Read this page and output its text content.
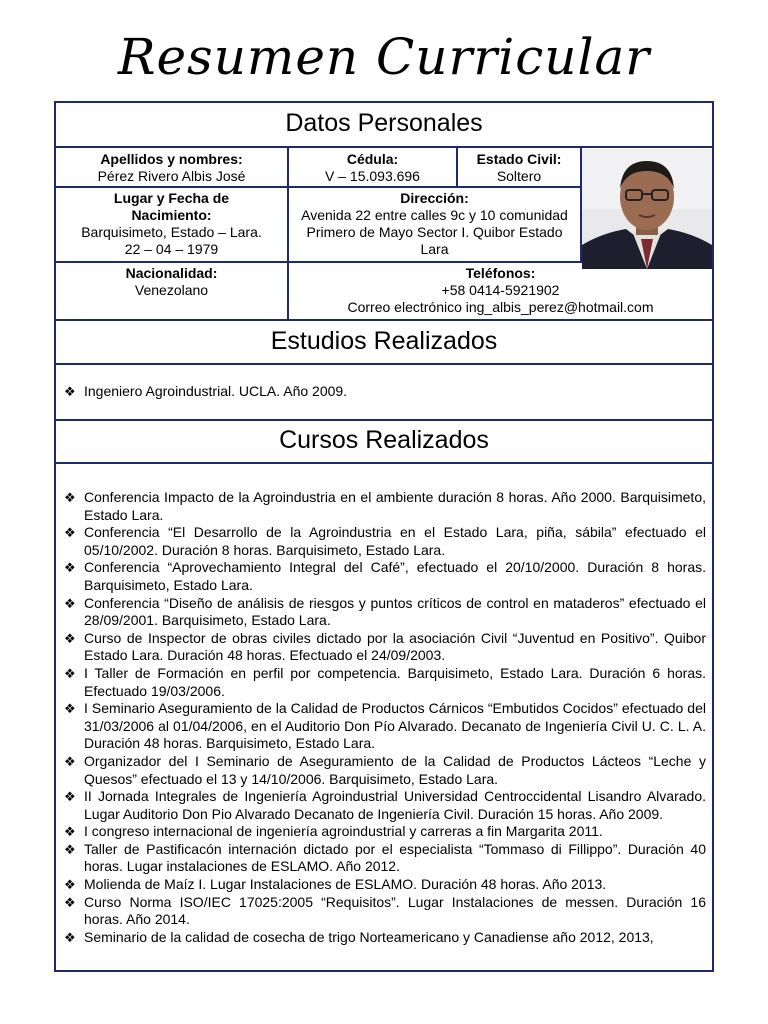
Resumen Curricular
Datos Personales
Apellidos y nombres:
Pérez Rivero Albis José
Cédula:
V – 15.093.696
Estado Civil:
Soltero
Lugar y Fecha de Nacimiento:
Barquisimeto, Estado – Lara.
22 – 04 – 1979
Dirección:
Avenida 22 entre calles 9c y 10 comunidad Primero de Mayo Sector I. Quibor Estado Lara
Nacionalidad:
Venezolano
Teléfonos:
+58 0414-5921902
Correo electrónico ing_albis_perez@hotmail.com
Estudios Realizados
❖ Ingeniero Agroindustrial. UCLA. Año 2009.
Cursos Realizados
❖ Conferencia Impacto de la Agroindustria en el ambiente duración 8 horas. Año 2000. Barquisimeto, Estado Lara.
❖ Conferencia “El Desarrollo de la Agroindustria en el Estado Lara, piña, sábila” efectuado el 05/10/2002. Duración 8 horas. Barquisimeto, Estado Lara.
❖ Conferencia “Aprovechamiento Integral del Café”, efectuado el 20/10/2000. Duración 8 horas. Barquisimeto, Estado Lara.
❖ Conferencia “Diseño de análisis de riesgos y puntos críticos de control en mataderos” efectuado el 28/09/2001. Barquisimeto, Estado Lara.
❖ Curso de Inspector de obras civiles dictado por la asociación Civil “Juventud en Positivo”. Quibor Estado Lara. Duración 48 horas. Efectuado el 24/09/2003.
❖ I Taller de Formación en perfil por competencia. Barquisimeto, Estado Lara. Duración 6 horas. Efectuado 19/03/2006.
❖ I Seminario Aseguramiento de la Calidad de Productos Cárnicos “Embutidos Cocidos” efectuado del 31/03/2006 al 01/04/2006, en el Auditorio Don Pío Alvarado. Decanato de Ingeniería Civil U. C. L. A. Duración 48 horas. Barquisimeto, Estado Lara.
❖ Organizador del I Seminario de Aseguramiento de la Calidad de Productos Lácteos “Leche y Quesos” efectuado el 13 y 14/10/2006. Barquisimeto, Estado Lara.
❖ II Jornada Integrales de Ingeniería Agroindustrial Universidad Centroccidental Lisandro Alvarado. Lugar Auditorio Don Pio Alvarado Decanato de Ingeniería Civil. Duración 15 horas. Año 2009.
❖ I congreso internacional de ingeniería agroindustrial y carreras a fin Margarita 2011.
❖ Taller de Pastificacón internación dictado por el especialista “Tommaso di Fillippo”. Duración 40 horas. Lugar instalaciones de ESLAMO. Año 2012.
❖ Molienda de Maíz I. Lugar Instalaciones de ESLAMO. Duración 48 horas. Año 2013.
❖ Curso Norma ISO/IEC 17025:2005 “Requisitos”. Lugar Instalaciones de messen. Duración 16 horas. Año 2014.
❖ Seminario de la calidad de cosecha de trigo Norteamericano y Canadiense año 2012, 2013,
